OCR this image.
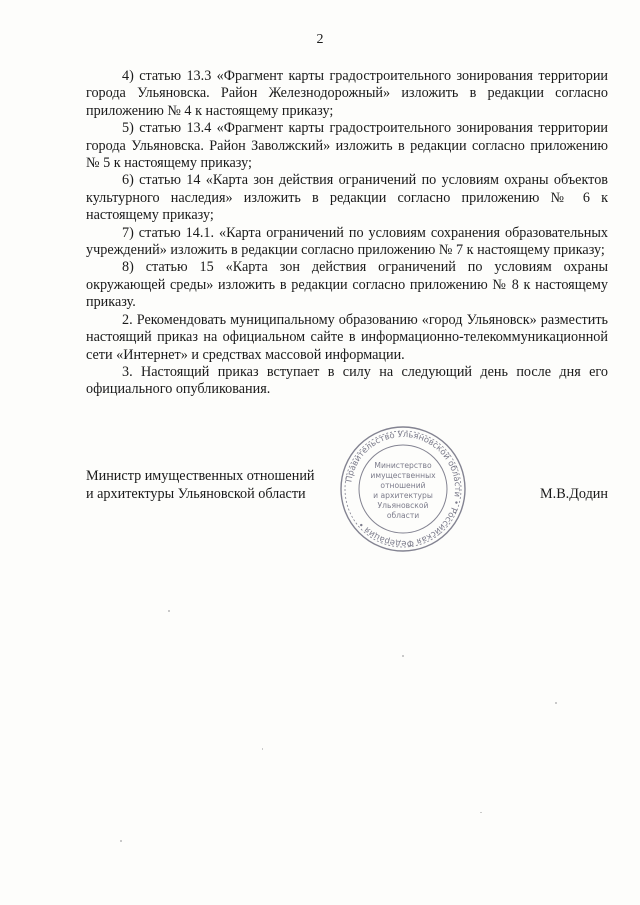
2

4) статью 13.3 «Фрагмент карты градостроительного зонирования территории города Ульяновска. Район Железнодорожный» изложить в редакции согласно приложению № 4 к настоящему приказу;

5) статью 13.4 «Фрагмент карты градостроительного зонирования территории города Ульяновска. Район Заволжский» изложить в редакции согласно приложению № 5 к настоящему приказу;

6) статью 14 «Карта зон действия ограничений по условиям охраны объектов культурного наследия» изложить в редакции согласно приложению № 6 к настоящему приказу;

7) статью 14.1. «Карта ограничений по условиям сохранения образовательных учреждений» изложить в редакции согласно приложению № 7 к настоящему приказу;

8) статью 15 «Карта зон действия ограничений по условиям охраны окружающей среды» изложить в редакции согласно приложению № 8 к настоящему приказу.

2. Рекомендовать муниципальному образованию «город Ульяновск» разместить настоящий приказ на официальном сайте в информационно-телекоммуникационной сети «Интернет» и средствах массовой информации.

3. Настоящий приказ вступает в силу на следующий день после дня его официального опубликования.

Министр имущественных отношений
и архитектуры Ульяновской области	М.В.Додин
Правительство Ульяновской области • Российская Федерация •
Министерство
имущественных
отношений
и архитектуры
Ульяновской
области
